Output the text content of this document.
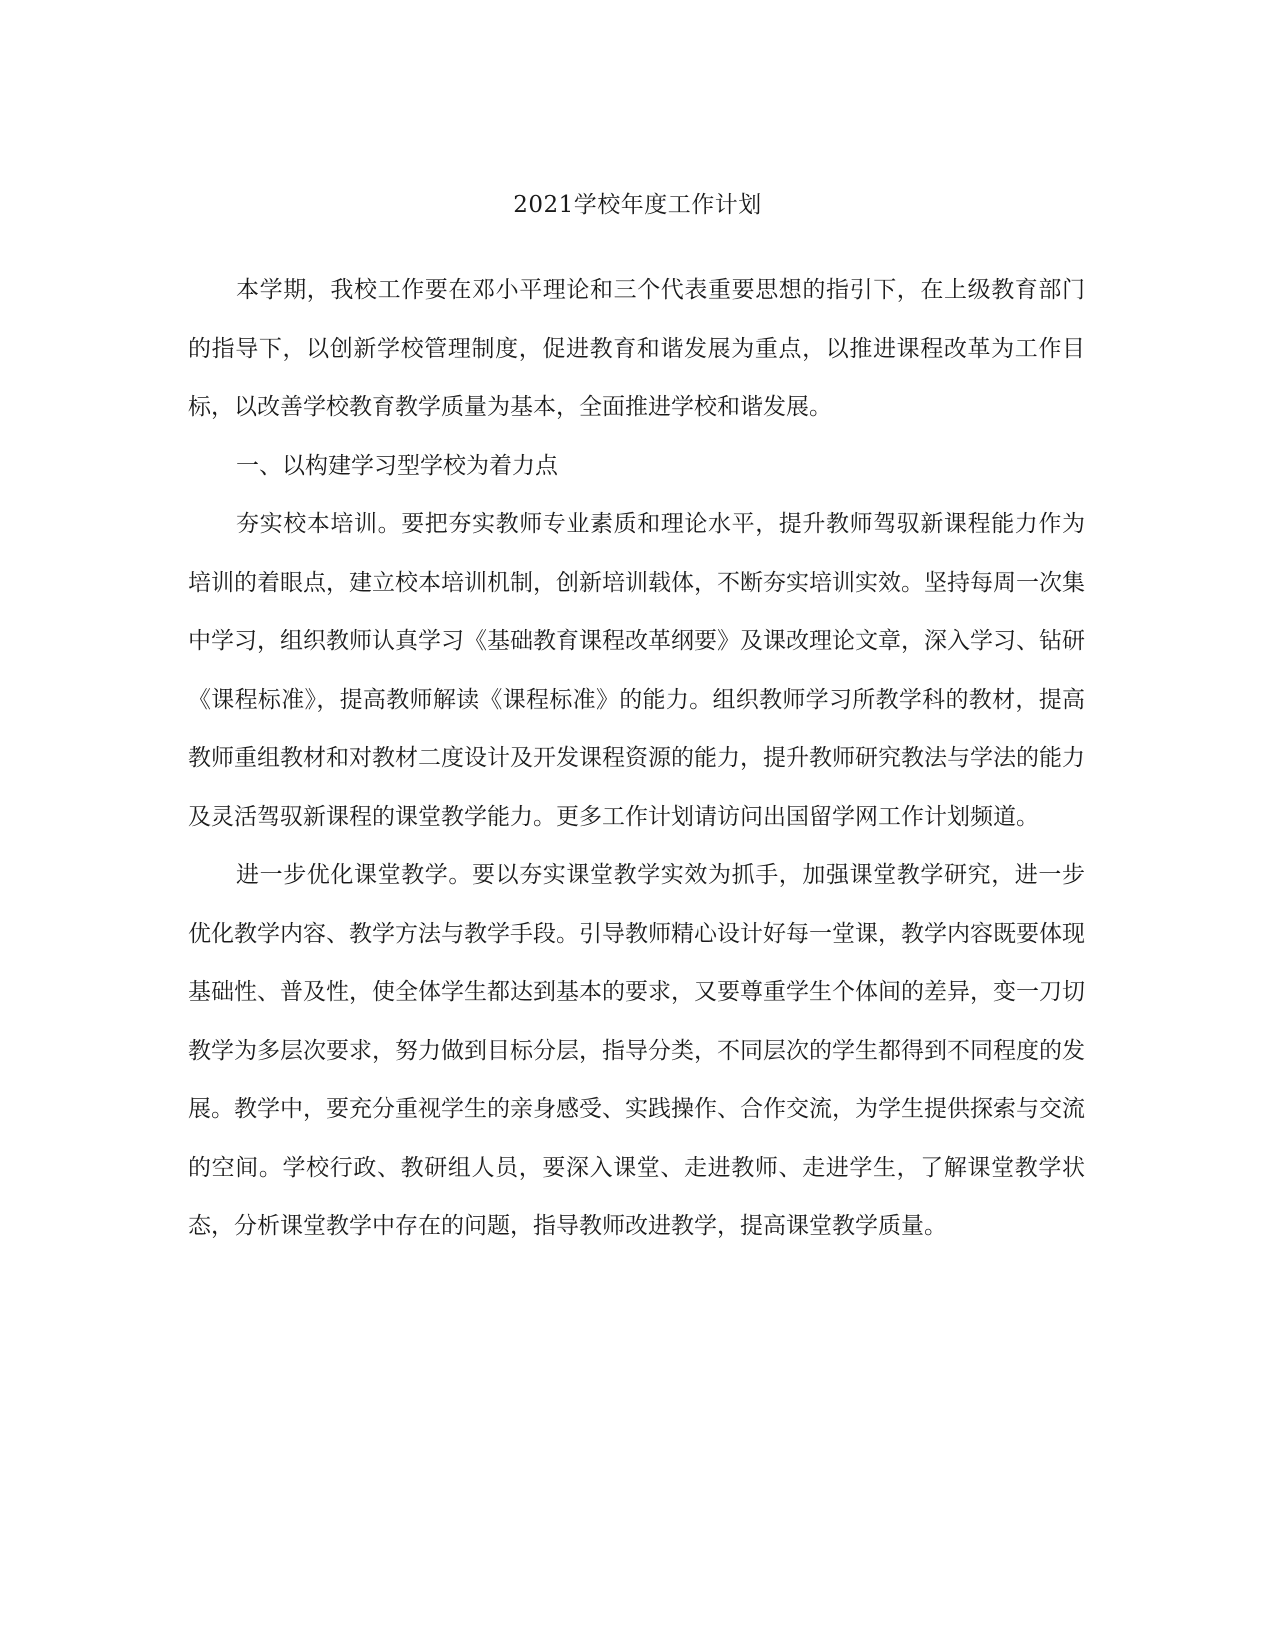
2021学校年度工作计划

本学期，我校工作要在邓小平理论和三个代表重要思想的指引下，在上级教育部门的指导下，以创新学校管理制度，促进教育和谐发展为重点，以推进课程改革为工作目标，以改善学校教育教学质量为基本，全面推进学校和谐发展。

一、以构建学习型学校为着力点

夯实校本培训。要把夯实教师专业素质和理论水平，提升教师驾驭新课程能力作为培训的着眼点，建立校本培训机制，创新培训载体，不断夯实培训实效。坚持每周一次集中学习，组织教师认真学习《基础教育课程改革纲要》及课改理论文章，深入学习、钻研《课程标准》，提高教师解读《课程标准》的能力。组织教师学习所教学科的教材，提高教师重组教材和对教材二度设计及开发课程资源的能力，提升教师研究教法与学法的能力及灵活驾驭新课程的课堂教学能力。更多工作计划请访问出国留学网工作计划频道。

进一步优化课堂教学。要以夯实课堂教学实效为抓手，加强课堂教学研究，进一步优化教学内容、教学方法与教学手段。引导教师精心设计好每一堂课，教学内容既要体现基础性、普及性，使全体学生都达到基本的要求，又要尊重学生个体间的差异，变一刀切教学为多层次要求，努力做到目标分层，指导分类，不同层次的学生都得到不同程度的发展。教学中，要充分重视学生的亲身感受、实践操作、合作交流，为学生提供探索与交流的空间。学校行政、教研组人员，要深入课堂、走进教师、走进学生，了解课堂教学状态，分析课堂教学中存在的问题，指导教师改进教学，提高课堂教学质量。
